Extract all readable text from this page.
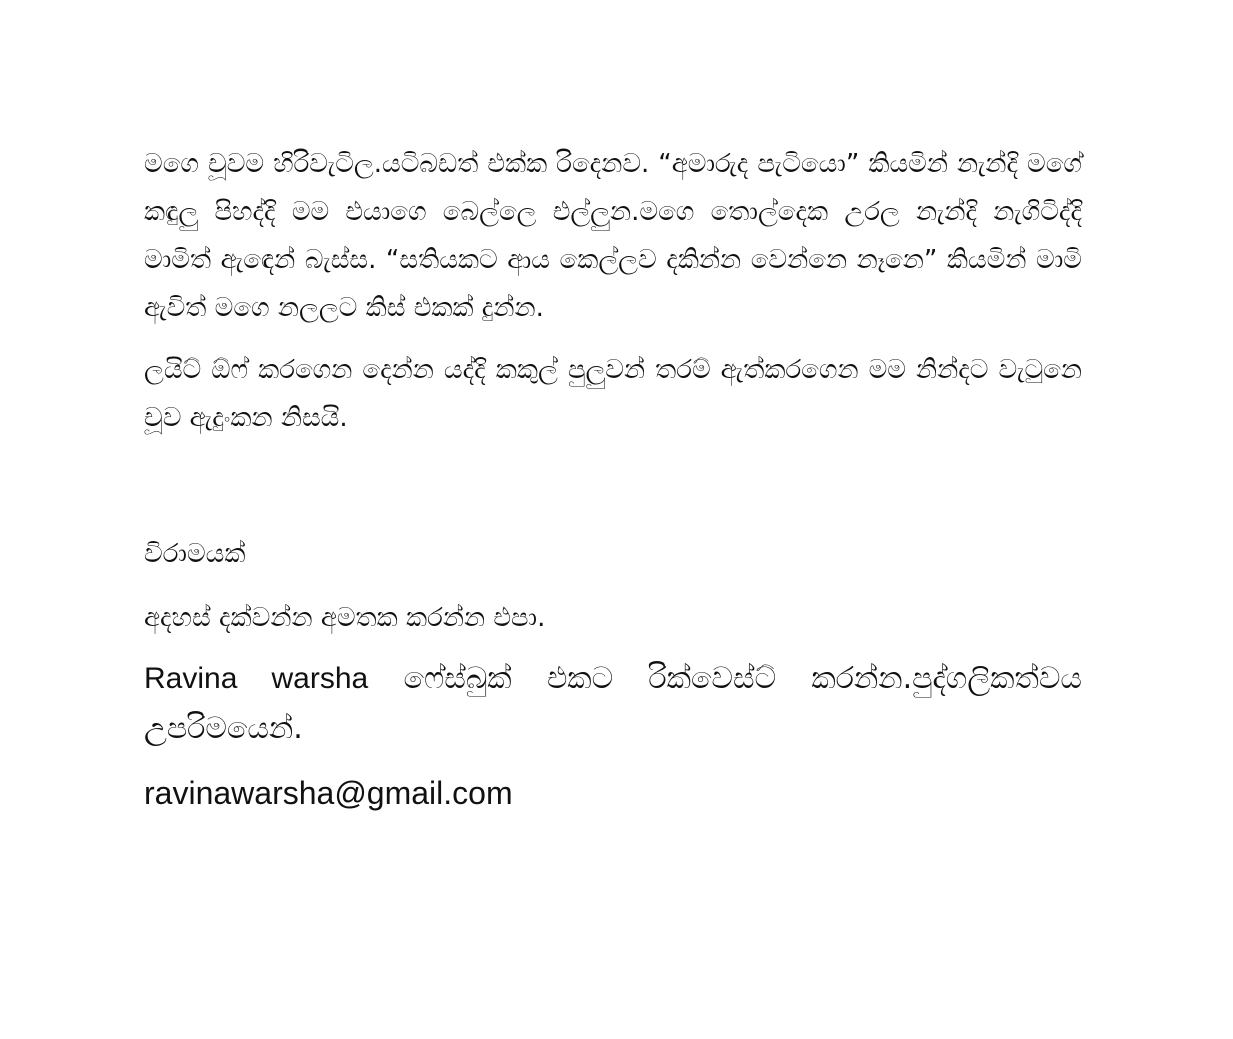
මගෙ චූවම හිරිවැටිල.යටිබඩත් එක්ක රිදෙනව. “අමාරුද පැටියො” කියමින් නැන්දි මගේ කඳුලු පිහද්දි මම එයාගෙ බෙල්ලෙ එල්ලුන.මගෙ තොල්දෙක උරල නැන්දි නැගිටිද්දි මාමිත් ඇඳෙන් බැස්ස. “සතියකට ආය කෙල්ලව දකින්න වෙන්නෙ නෑනෙ” කියමින් මාමි ඇවිත් මගෙ නලලට කිස් එකක් දුන්න.

ලයිට් ඕෆ් කරගෙන දෙන්න යද්දි කකුල් පුලුවන් තරම් ඇත්කරගෙන මම නින්දට වැටුනෙ චූව ඇදුංකන නිසයි.

විරාමයක්

අදහස් දක්වන්න අමතක කරන්න එපා.

Ravina warsha ෆේස්බුක් එකට රික්වෙස්ට් කරන්න.පුද්ගලිකත්වය උපරිමයෙන්.

ravinawarsha@gmail.com
